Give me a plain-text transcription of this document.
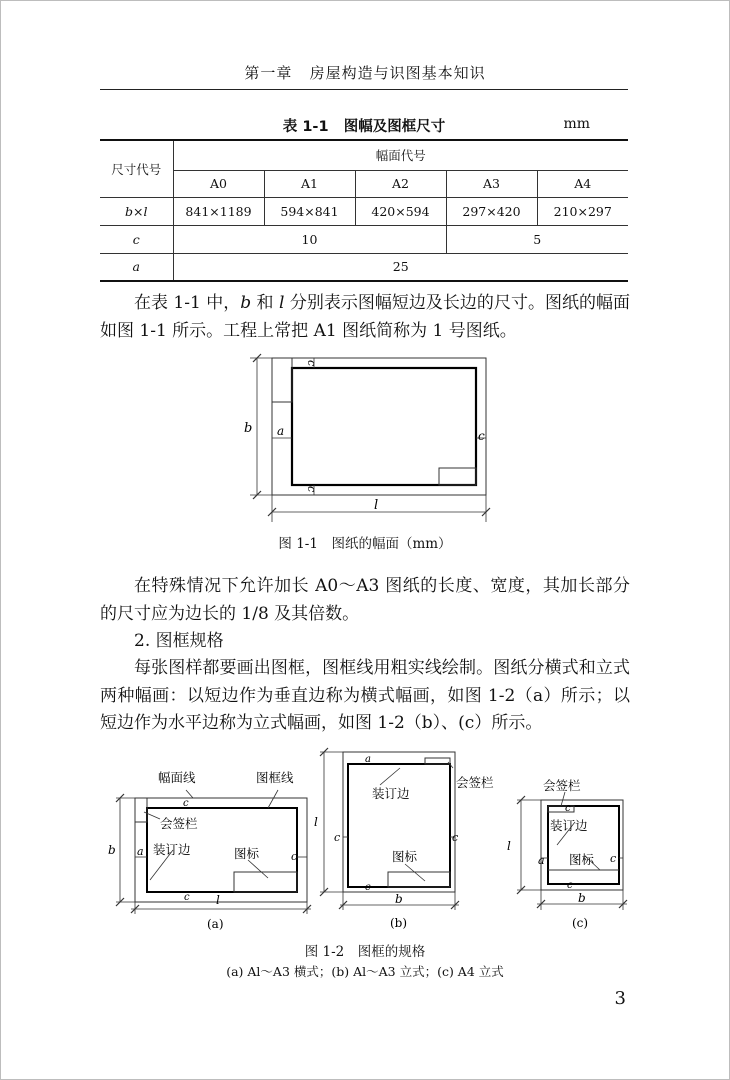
第一章 房屋构造与识图基本知识
表 1-1 图幅及图框尺寸	mm
尺寸代号	幅面代号				
	A0	A1	A2	A3	A4
b×l	841×1189	594×841	420×594	297×420	210×297
c	10			5	
a	25				
在表 1-1 中，b 和 l 分别表示图幅短边及长边的尺寸。图纸的幅面如图 1-1 所示。工程上常把 A1 图纸简称为 1 号图纸。
b a	c
c
c
l
图 1-1　图纸的幅面（mm）
在特殊情况下允许加长 A0～A3 图纸的长度、宽度，其加长部分的尺寸应为边长的 1/8 及其倍数。
2. 图框规格
每张图样都要画出图框，图框线用粗实线绘制。图纸分横式和立式两种幅画：以短边作为垂直边称为横式幅画，如图 1-2（a）所示；以短边作为水平边称为立式幅画，如图 1-2（b）、(c）所示。
幅面线	图框线
会签栏
装订边	图标
b a	c
c
c l
(a)
装订边
会签栏
图标
l
c	c
a
c
b
(b)
会签栏
装订边
图标
l
a	c
c
c
b
(c)
图 1-2　图框的规格
(a) Al～A3 横式；(b) Al～A3 立式；(c) A4 立式
3
